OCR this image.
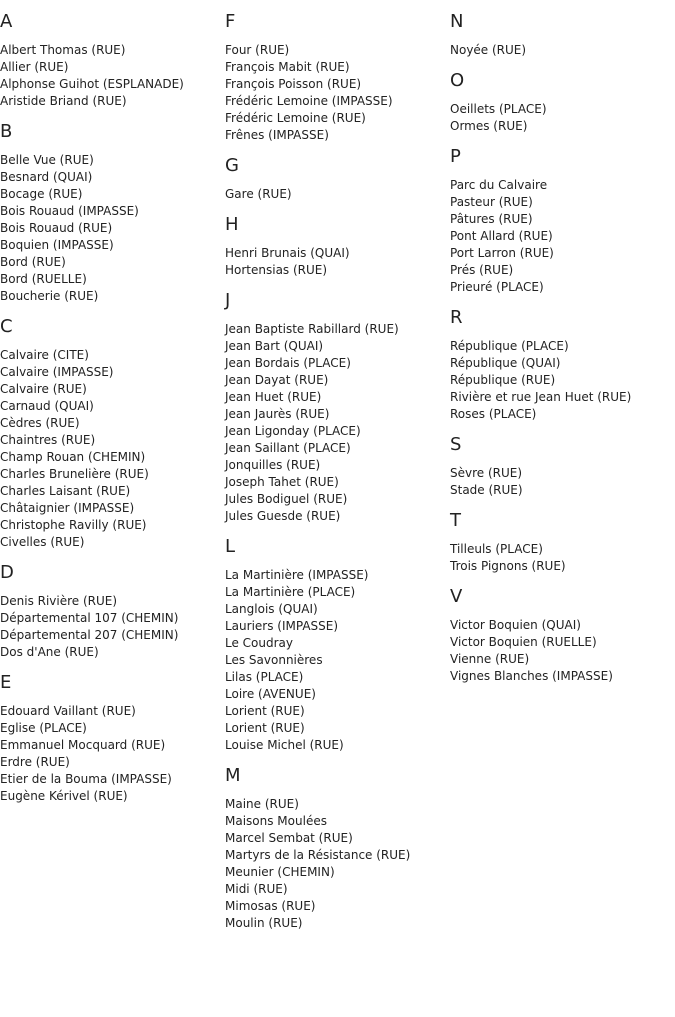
A
Albert Thomas (RUE)
Allier (RUE)
Alphonse Guihot (ESPLANADE)
Aristide Briand (RUE)
B
Belle Vue (RUE)
Besnard (QUAI)
Bocage (RUE)
Bois Rouaud (IMPASSE)
Bois Rouaud (RUE)
Boquien (IMPASSE)
Bord (RUE)
Bord (RUELLE)
Boucherie (RUE)
C
Calvaire (CITE)
Calvaire (IMPASSE)
Calvaire (RUE)
Carnaud (QUAI)
Cèdres (RUE)
Chaintres (RUE)
Champ Rouan (CHEMIN)
Charles Brunelière (RUE)
Charles Laisant (RUE)
Châtaignier (IMPASSE)
Christophe Ravilly (RUE)
Civelles (RUE)
D
Denis Rivière (RUE)
Départemental 107 (CHEMIN)
Départemental 207 (CHEMIN)
Dos d'Ane (RUE)
E
Edouard Vaillant (RUE)
Eglise (PLACE)
Emmanuel Mocquard (RUE)
Erdre (RUE)
Etier de la Bouma (IMPASSE)
Eugène Kérivel (RUE)
F
Four (RUE)
François Mabit (RUE)
François Poisson (RUE)
Frédéric Lemoine (IMPASSE)
Frédéric Lemoine (RUE)
Frênes (IMPASSE)
G
Gare (RUE)
H
Henri Brunais (QUAI)
Hortensias (RUE)
J
Jean Baptiste Rabillard (RUE)
Jean Bart (QUAI)
Jean Bordais (PLACE)
Jean Dayat (RUE)
Jean Huet (RUE)
Jean Jaurès (RUE)
Jean Ligonday (PLACE)
Jean Saillant (PLACE)
Jonquilles (RUE)
Joseph Tahet (RUE)
Jules Bodiguel (RUE)
Jules Guesde (RUE)
L
La Martinière (IMPASSE)
La Martinière (PLACE)
Langlois (QUAI)
Lauriers (IMPASSE)
Le Coudray
Les Savonnières
Lilas (PLACE)
Loire (AVENUE)
Lorient (RUE)
Lorient (RUE)
Louise Michel (RUE)
M
Maine (RUE)
Maisons Moulées
Marcel Sembat (RUE)
Martyrs de la Résistance (RUE)
Meunier (CHEMIN)
Midi (RUE)
Mimosas (RUE)
Moulin (RUE)
N
Noyée (RUE)
O
Oeillets (PLACE)
Ormes (RUE)
P
Parc du Calvaire
Pasteur (RUE)
Pâtures (RUE)
Pont Allard (RUE)
Port Larron (RUE)
Prés (RUE)
Prieuré (PLACE)
R
République (PLACE)
République (QUAI)
République (RUE)
Rivière et rue Jean Huet (RUE)
Roses (PLACE)
S
Sèvre (RUE)
Stade (RUE)
T
Tilleuls (PLACE)
Trois Pignons (RUE)
V
Victor Boquien (QUAI)
Victor Boquien (RUELLE)
Vienne (RUE)
Vignes Blanches (IMPASSE)
